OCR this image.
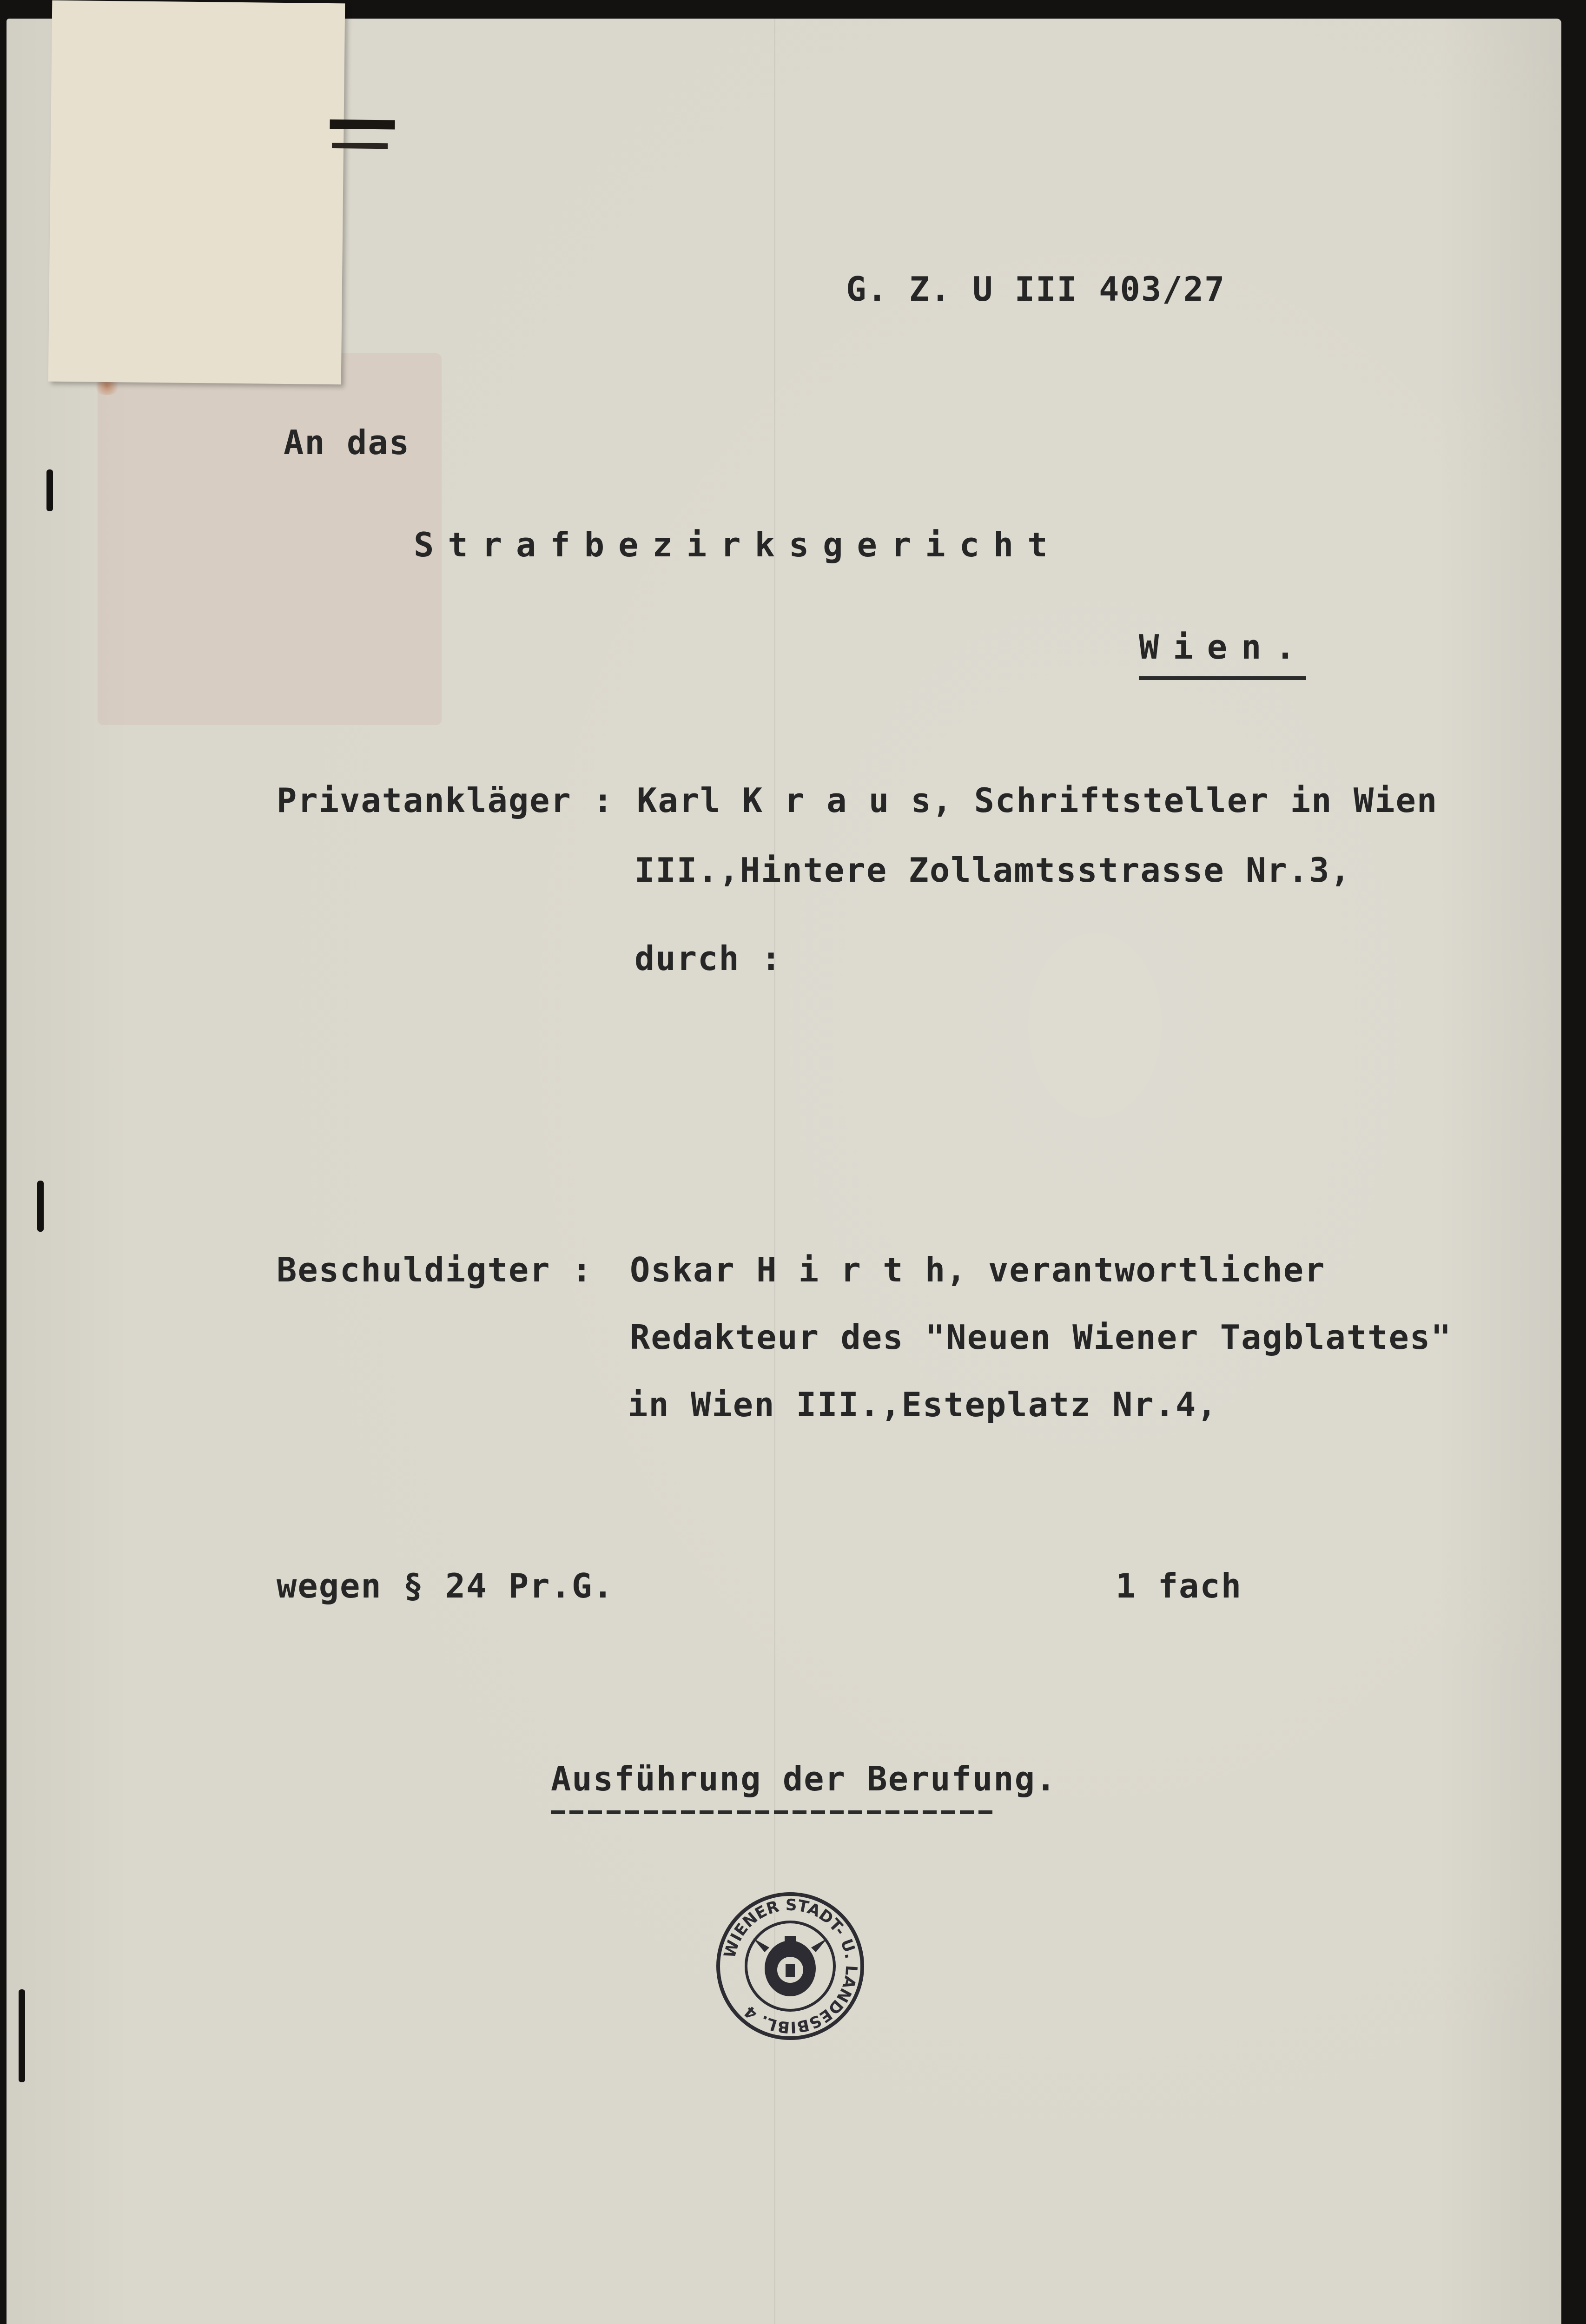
G. Z. U III 403/27
An das
Strafbezirksgericht
Wien.
Privatankläger : Karl K r a u s, Schriftsteller in Wien
III.,Hintere Zollamtsstrasse Nr.3,
durch :
Beschuldigter : Oskar H i r t h, verantwortlicher
Redakteur des "Neuen Wiener Tagblattes"
in Wien III.,Esteplatz Nr.4,
wegen § 24 Pr.G.	1 fach
Ausführung der Berufung.
WIENER STADT- U. LANDESBIBL. 4
